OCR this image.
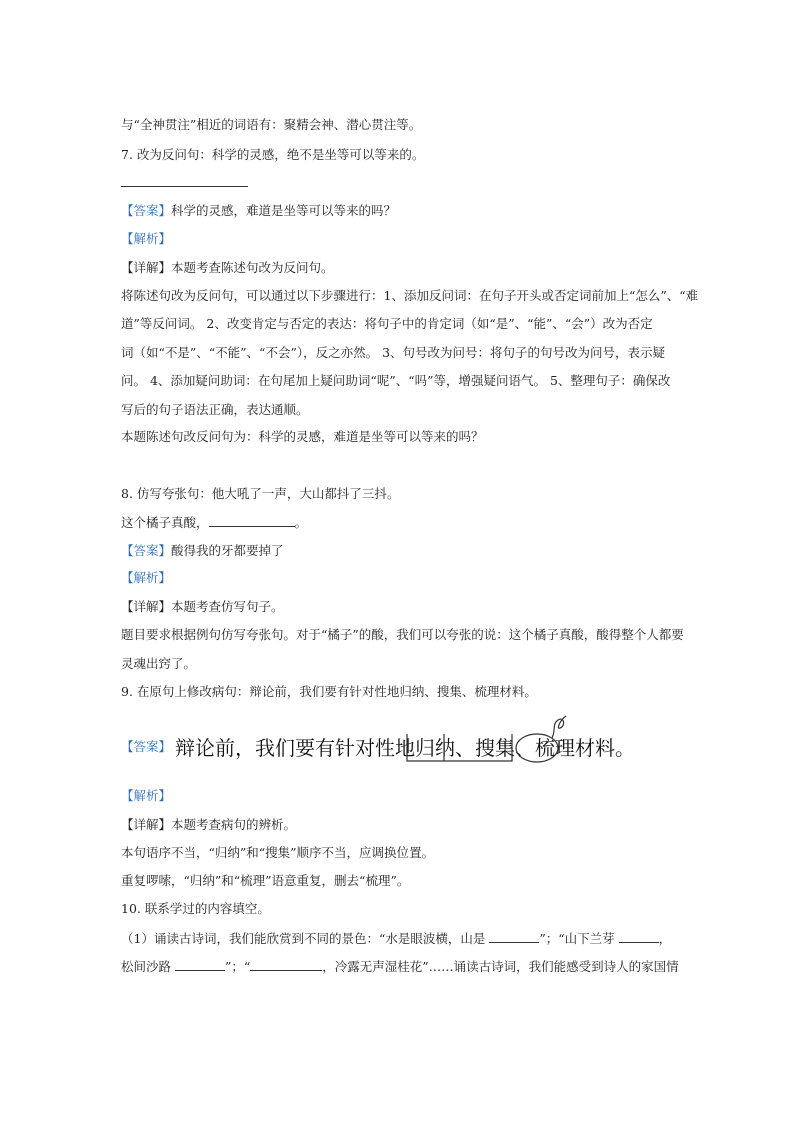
与“全神贯注”相近的词语有：聚精会神、潜心贯注等。
7. 改为反问句：科学的灵感，绝不是坐等可以等来的。
【答案】科学的灵感，难道是坐等可以等来的吗？
【解析】
【详解】本题考查陈述句改为反问句。
将陈述句改为反问句，可以通过以下步骤进行：1、添加反问词：在句子开头或否定词前加上“怎么”、“难
道”等反问词。 2、改变肯定与否定的表达：将句子中的肯定词（如“是”、“能”、“会”）改为否定
词（如“不是”、“不能”、“不会”），反之亦然。 3、句号改为问号：将句子的句号改为问号，表示疑
问。 4、添加疑问助词：在句尾加上疑问助词“呢”、“吗”等，增强疑问语气。 5、整理句子：确保改
写后的句子语法正确，表达通顺。
本题陈述句改反问句为：科学的灵感，难道是坐等可以等来的吗？
8. 仿写夸张句：他大吼了一声，大山都抖了三抖。
这个橘子真酸，	。
【答案】酸得我的牙都要掉了
【解析】
【详解】本题考查仿写句子。
题目要求根据例句仿写夸张句。对于“橘子”的酸，我们可以夸张的说：这个橘子真酸，酸得整个人都要
灵魂出窍了。
9. 在原句上修改病句：辩论前，我们要有针对性地归纳、搜集、梳理材料。
【答案】 辩论前，我们要有针对性地归纳、搜集、梳理材料。
【解析】
【详解】本题考查病句的辨析。
本句语序不当，“归纳”和“搜集”顺序不当，应调换位置。
重复啰嗦，“归纳”和“梳理”语意重复，删去“梳理”。
10. 联系学过的内容填空。
（1）诵读古诗词，我们能欣赏到不同的景色：“水是眼波横，山是	”；“山下兰芽	，
松间沙路	”；“	，冷露无声湿桂花”……诵读古诗词，我们能感受到诗人的家国情
